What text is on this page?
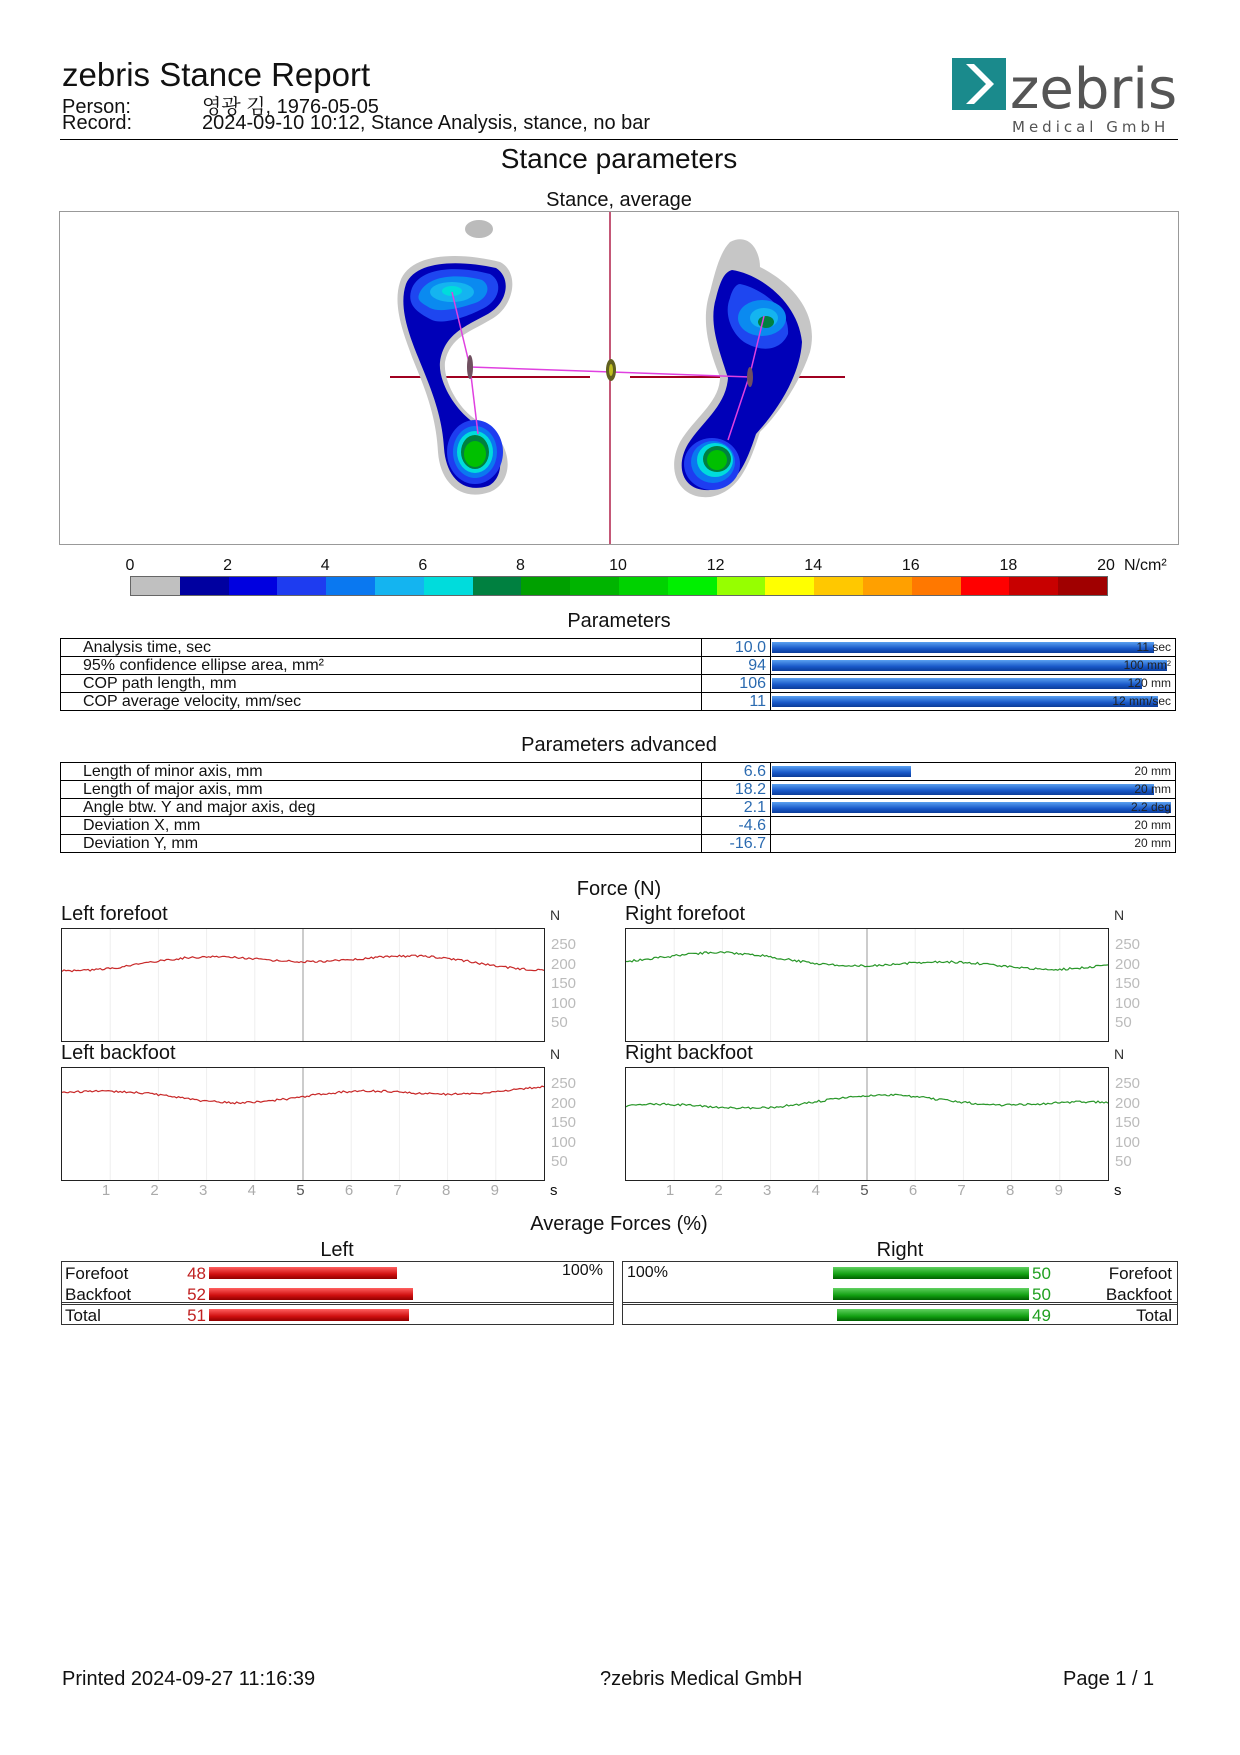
zebris Stance Report
Person:	영광 김, 1976-05-05
Record:	2024-09-10 10:12, Stance Analysis, stance, no bar
zebris
Medical GmbH
Stance parameters
Stance, average
0	2	4	6	8	10	12	14	16	18	20 N/cm²
Parameters
Analysis time, sec	10.0	11 sec

95% confidence ellipse area, mm²	94	100 mm²

COP path length, mm	106	120 mm

COP average velocity, mm/sec	11	12 mm/sec
Parameters advanced
Length of minor axis, mm	6.6	20 mm

Length of major axis, mm	18.2	20 mm

Angle btw. Y and major axis, deg	2.1	2.2 deg

Deviation X, mm	-4.6	20 mm

Deviation Y, mm	-16.7	20 mm
Force (N)
Left forefoot	N
250
200
150
100
50
Right forefoot	N
250
200
150
100
50
Left backfoot	N
250
200
150
100
50
Right backfoot	N
250
200
150
100
50
1	2	3	4	5	6	7	8	9	s	1	2	3	4	5	6	7	8	9	s
Average Forces (%)
Left	Right
100% 100%
Forefoot	48
Backfoot	52
Total	51
50	Forefoot
50	Backfoot
49	Total
Printed 2024-09-27 11:16:39	?zebris Medical GmbH	Page 1 / 1
